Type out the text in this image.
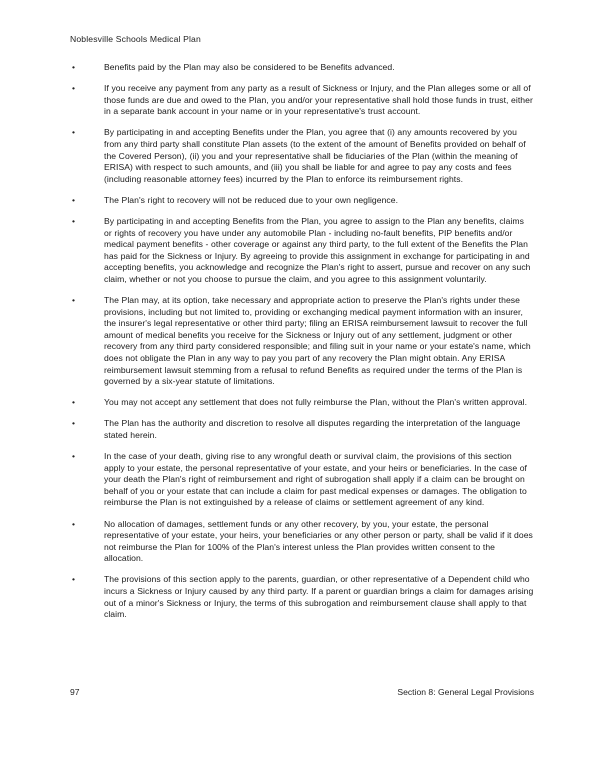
Noblesville Schools Medical Plan
•	Benefits paid by the Plan may also be considered to be Benefits advanced.
•	If you receive any payment from any party as a result of Sickness or Injury, and the Plan alleges some or all of those funds are due and owed to the Plan, you and/or your representative shall hold those funds in trust, either in a separate bank account in your name or in your representative's trust account.
•	By participating in and accepting Benefits under the Plan, you agree that (i) any amounts recovered by you from any third party shall constitute Plan assets (to the extent of the amount of Benefits provided on behalf of the Covered Person), (ii) you and your representative shall be fiduciaries of the Plan (within the meaning of ERISA) with respect to such amounts, and (iii) you shall be liable for and agree to pay any costs and fees (including reasonable attorney fees) incurred by the Plan to enforce its reimbursement rights.
•	The Plan's right to recovery will not be reduced due to your own negligence.
•	By participating in and accepting Benefits from the Plan, you agree to assign to the Plan any benefits, claims or rights of recovery you have under any automobile Plan - including no-fault benefits, PIP benefits and/or medical payment benefits - other coverage or against any third party, to the full extent of the Benefits the Plan has paid for the Sickness or Injury. By agreeing to provide this assignment in exchange for participating in and accepting benefits, you acknowledge and recognize the Plan's right to assert, pursue and recover on any such claim, whether or not you choose to pursue the claim, and you agree to this assignment voluntarily.
•	The Plan may, at its option, take necessary and appropriate action to preserve the Plan's rights under these provisions, including but not limited to, providing or exchanging medical payment information with an insurer, the insurer's legal representative or other third party; filing an ERISA reimbursement lawsuit to recover the full amount of medical benefits you receive for the Sickness or Injury out of any settlement, judgment or other recovery from any third party considered responsible; and filing suit in your name or your estate's name, which does not obligate the Plan in any way to pay you part of any recovery the Plan might obtain. Any ERISA reimbursement lawsuit stemming from a refusal to refund Benefits as required under the terms of the Plan is governed by a six-year statute of limitations.
•	You may not accept any settlement that does not fully reimburse the Plan, without the Plan's written approval.
•	The Plan has the authority and discretion to resolve all disputes regarding the interpretation of the language stated herein.
•	In the case of your death, giving rise to any wrongful death or survival claim, the provisions of this section apply to your estate, the personal representative of your estate, and your heirs or beneficiaries. In the case of your death the Plan's right of reimbursement and right of subrogation shall apply if a claim can be brought on behalf of you or your estate that can include a claim for past medical expenses or damages. The obligation to reimburse the Plan is not extinguished by a release of claims or settlement agreement of any kind.
•	No allocation of damages, settlement funds or any other recovery, by you, your estate, the personal representative of your estate, your heirs, your beneficiaries or any other person or party, shall be valid if it does not reimburse the Plan for 100% of the Plan's interest unless the Plan provides written consent to the allocation.
•	The provisions of this section apply to the parents, guardian, or other representative of a Dependent child who incurs a Sickness or Injury caused by any third party. If a parent or guardian brings a claim for damages arising out of a minor's Sickness or Injury, the terms of this subrogation and reimbursement clause shall apply to that claim.
97	Section 8: General Legal Provisions
